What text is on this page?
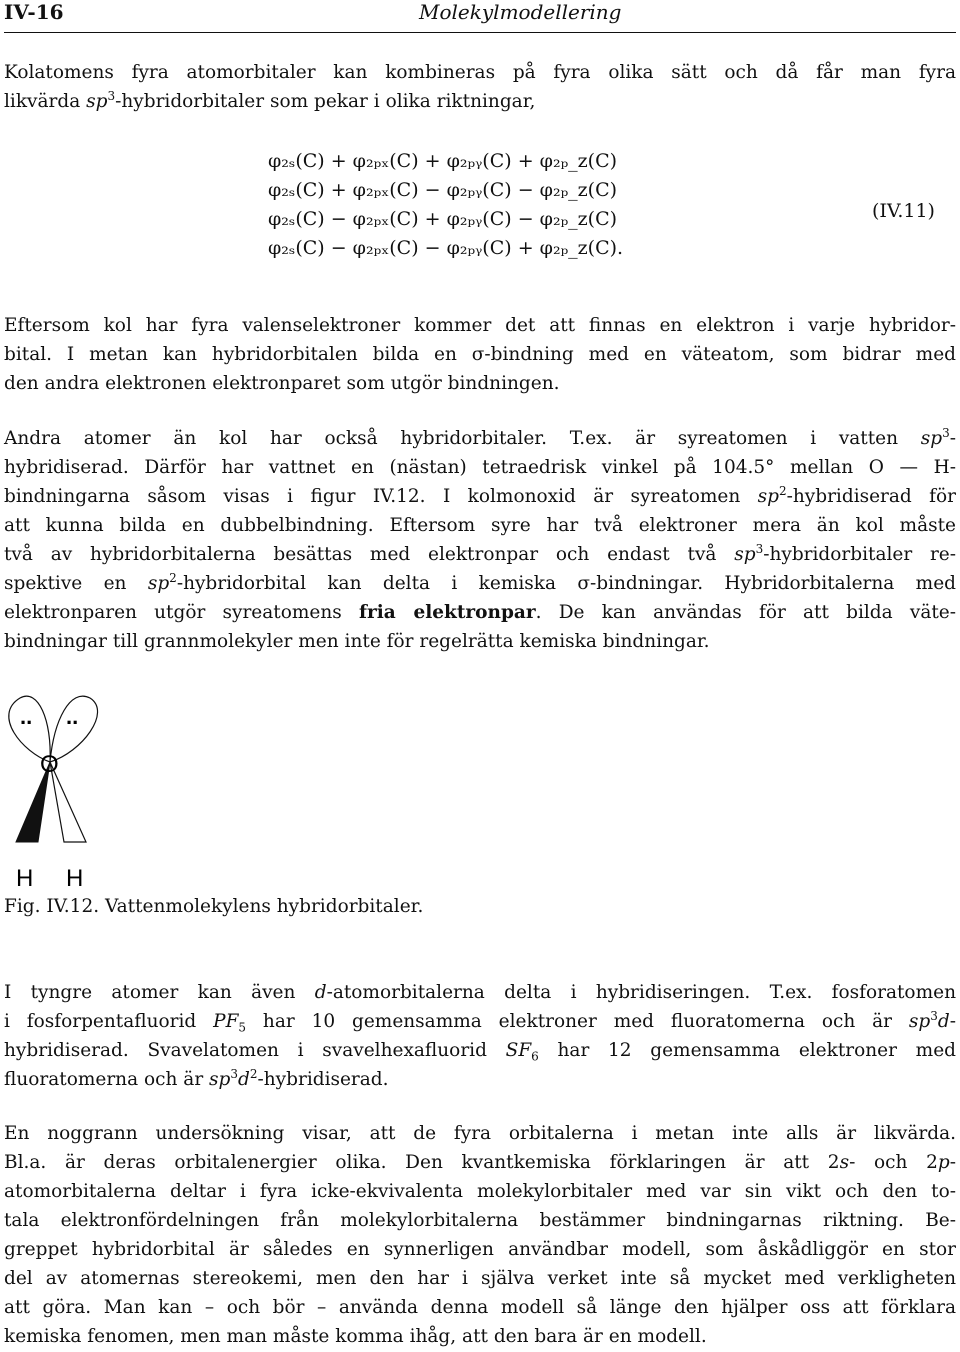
IV-16	Molekylmodellering
Kolatomens fyra atomorbitaler kan kombineras på fyra olika sätt och då får man fyra
likvärda $sp^3$-hybridorbitaler som pekar i olika riktningar,
φ₂ₛ(C) + φ₂ₚₓ(C) + φ₂ₚᵧ(C) + φ₂ₚ_z(C)
φ₂ₛ(C) + φ₂ₚₓ(C) − φ₂ₚᵧ(C) − φ₂ₚ_z(C)
φ₂ₛ(C) − φ₂ₚₓ(C) + φ₂ₚᵧ(C) − φ₂ₚ_z(C)
φ₂ₛ(C) − φ₂ₚₓ(C) − φ₂ₚᵧ(C) + φ₂ₚ_z(C).
(IV.11)
Eftersom kol har fyra valenselektroner kommer det att finnas en elektron i varje hybridor-
bital. I metan kan hybridorbitalen bilda en σ-bindning med en väteatom, som bidrar med
den andra elektronen elektronparet som utgör bindningen.
Andra atomer än kol har också hybridorbitaler. T.ex. är syreatomen i vatten $sp^3-$
hybridiserad. Därför har vattnet en (nästan) tetraedrisk vinkel på 104.5° mellan O — H-
bindningarna såsom visas i figur IV.12. I kolmonoxid är syreatomen $sp^2$-hybridiserad för
att kunna bilda en dubbelbindning. Eftersom syre har två elektroner mera än kol måste
två av hybridorbitalerna besättas med elektronpar och endast två $sp^3$-hybridorbitaler re-
spektive en $sp^2$-hybridorbital kan delta i kemiska σ-bindningar. Hybridorbitalerna med
elektronparen utgör syreatomens fria elektronpar. De kan användas för att bilda väte-
bindningar till grannmolekyler men inte för regelrätta kemiska bindningar.
.. ..
O
H H
Fig. IV.12. Vattenmolekylens hybridorbitaler.
I tyngre atomer kan även d-atomorbitalerna delta i hybridiseringen. T.ex. fosforatomen
i fosforpentafluorid $PF_5$ har 10 gemensamma elektroner med fluoratomerna och är $sp^3d-$
hybridiserad. Svavelatomen i svavelhexafluorid $SF_6$ har 12 gemensamma elektroner med
fluoratomerna och är $sp^3d^2$-hybridiserad.
En noggrann undersökning visar, att de fyra orbitalerna i metan inte alls är likvärda.
Bl.a. är deras orbitalenergier olika. Den kvantkemiska förklaringen är att 2s- och 2p-
atomorbitalerna deltar i fyra icke-ekvivalenta molekylorbitaler med var sin vikt och den to-
tala elektronfördelningen från molekylorbitalerna bestämmer bindningarnas riktning. Be-
greppet hybridorbital är således en synnerligen användbar modell, som åskådliggör en stor
del av atomernas stereokemi, men den har i själva verket inte så mycket med verkligheten
att göra. Man kan – och bör – använda denna modell så länge den hjälper oss att förklara
kemiska fenomen, men man måste komma ihåg, att den bara är en modell.
